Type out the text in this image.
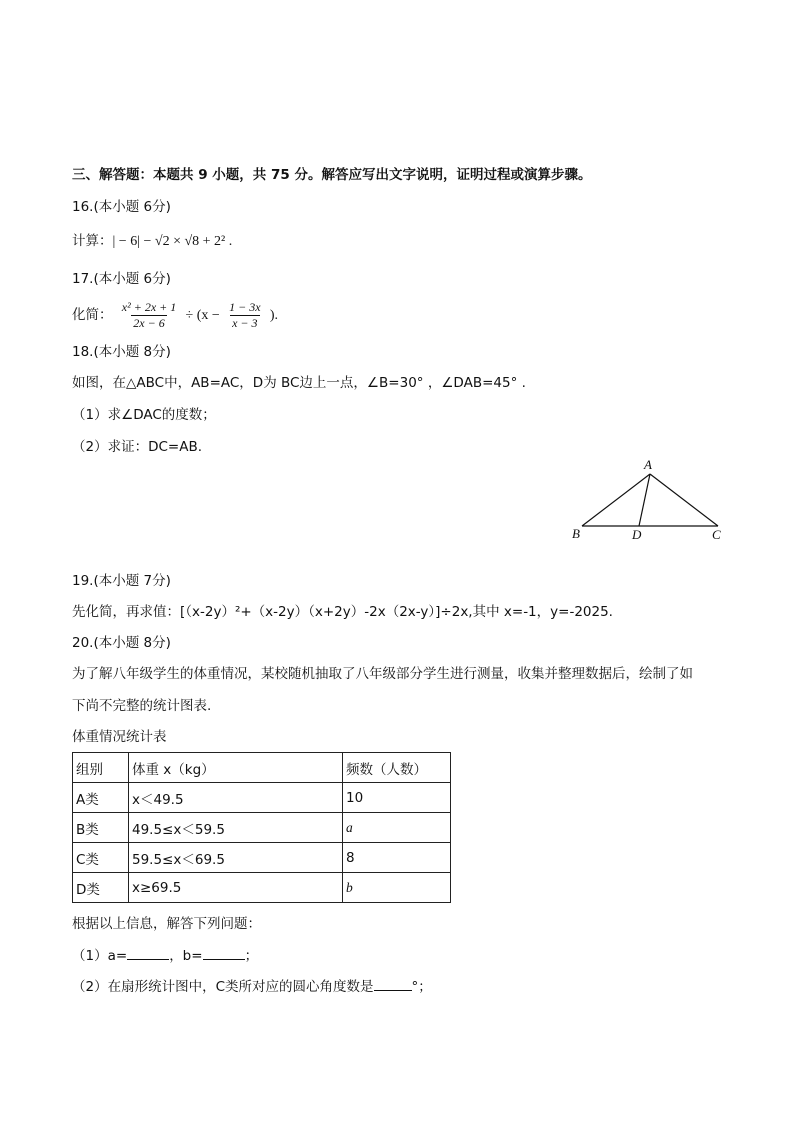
三、解答题：本题共 9 小题，共 75 分。解答应写出文字说明，证明过程或演算步骤。
16.(本小题 6分)
计算：| − 6| − √2 × √8 + 2² .
17.(本小题 6分)
化简： $\frac{\text{x² + 2x + 1}}{2x - 6} \div (x - \frac{1 - 3x}{x - 3}$ ).
18.(本小题 8分)
如图，在△ABC中，AB=AC，D为 BC边上一点，∠B=30° ，∠DAB=45° .
（1）求∠DAC的度数；
（2）求证：DC=AB.
A
B	D	C
19.(本小题 7分)
先化简，再求值：[（x-2y）²+（x-2y）（x+2y）-2x（2x-y）]÷2x,其中 x=-1，y=-2025.
20.(本小题 8分)
为了解八年级学生的体重情况，某校随机抽取了八年级部分学生进行测量，收集并整理数据后，绘制了如
下尚不完整的统计图表.
体重情况统计表
组别	体重 x（kg）	频数（人数）
A类	x＜49.5	10
B类	49.5≤x＜59.5	a
C类	59.5≤x＜69.5	8
D类	x≥69.5	b
根据以上信息，解答下列问题：
（1）a=	，b=	；
（2）在扇形统计图中，C类所对应的圆心角度数是	°；
